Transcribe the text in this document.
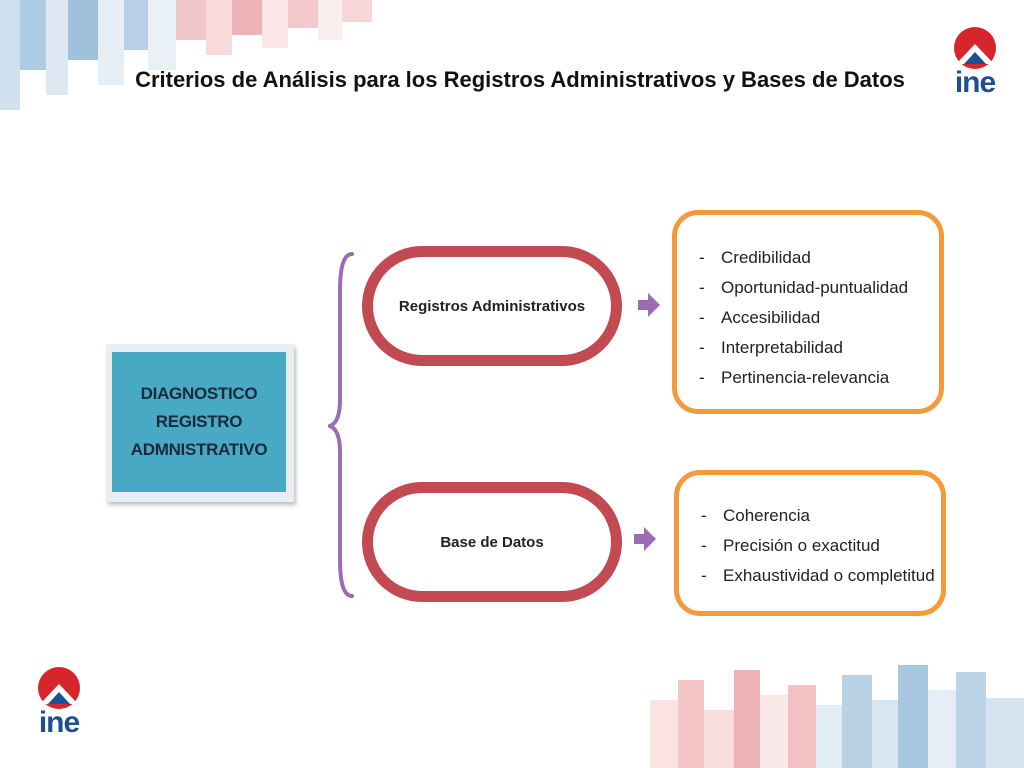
ine
ine
Criterios de Análisis para los Registros Administrativos y Bases de Datos
DIAGNOSTICO
REGISTRO
ADMNISTRATIVO
Registros Administrativos
Base de Datos
- Credibilidad
- Oportunidad-puntualidad
- Accesibilidad
- Interpretabilidad
- Pertinencia-relevancia
- Coherencia
- Precisión o exactitud
- Exhaustividad o completitud
